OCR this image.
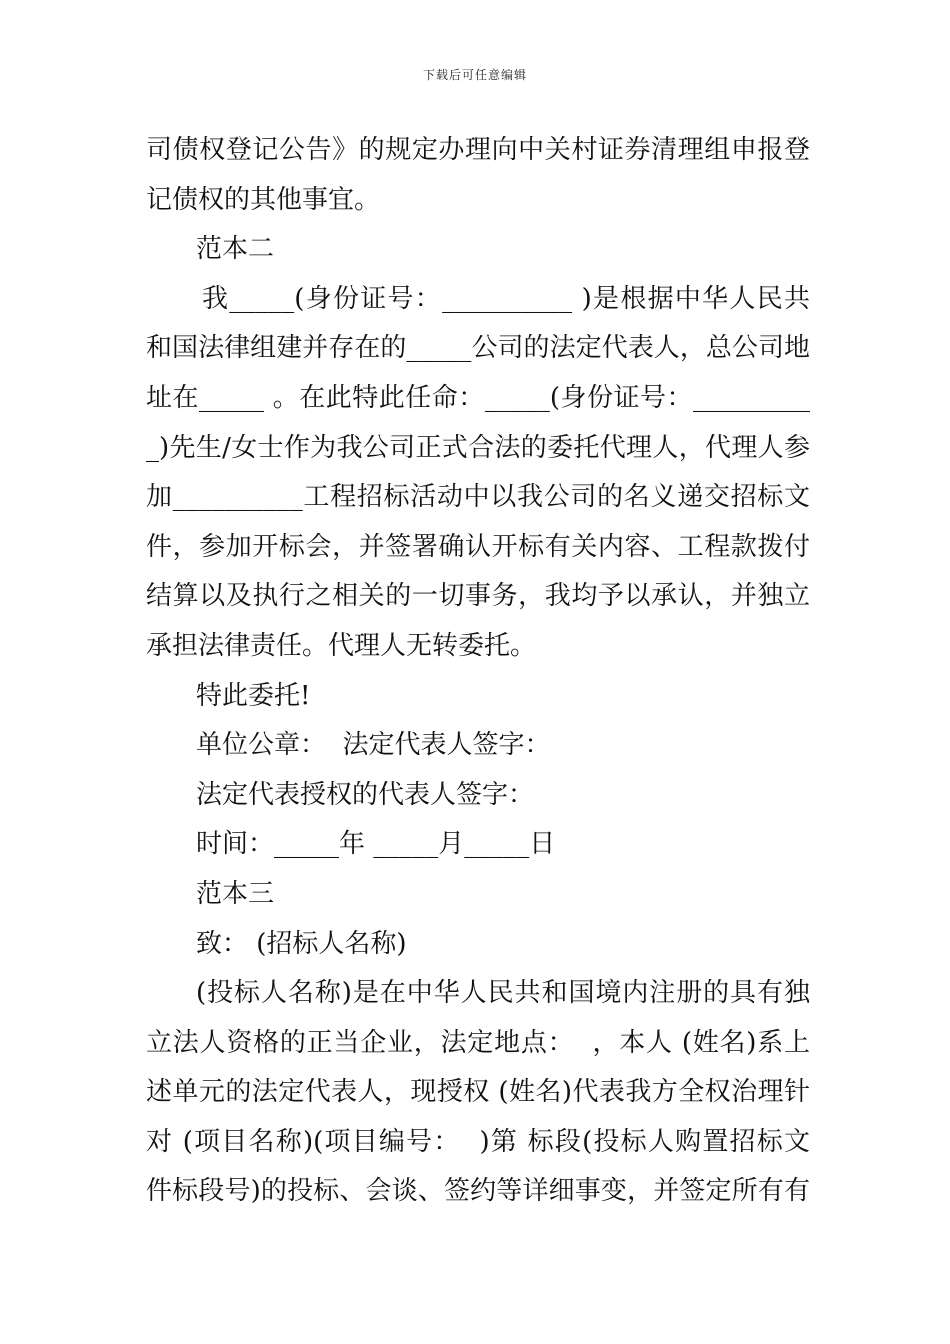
下载后可任意编辑
司债权登记公告》的规定办理向中关村证券清理组申报登
记债权的其他事宜。
范本二
我_____(身份证号：__________ )是根据中华人民共
和国法律组建并存在的_____公司的法定代表人，总公司地
址在_____ 。在此特此任命：_____(身份证号：_________
_)先生/女士作为我公司正式合法的委托代理人，代理人参
加__________工程招标活动中以我公司的名义递交招标文
件，参加开标会，并签署确认开标有关内容、工程款拨付
结算以及执行之相关的一切事务，我均予以承认，并独立
承担法律责任。代理人无转委托。
特此委托!
单位公章：  法定代表人签字：
法定代表授权的代表人签字：
时间：_____年 _____月_____日
范本三
致： (招标人名称)
(投标人名称)是在中华人民共和国境内注册的具有独
立法人资格的正当企业，法定地点：  ，本人 (姓名)系上
述单元的法定代表人，现授权 (姓名)代表我方全权治理针
对 (项目名称)(项目编号：  )第 标段(投标人购置招标文
件标段号)的投标、会谈、签约等详细事变，并签定所有有
